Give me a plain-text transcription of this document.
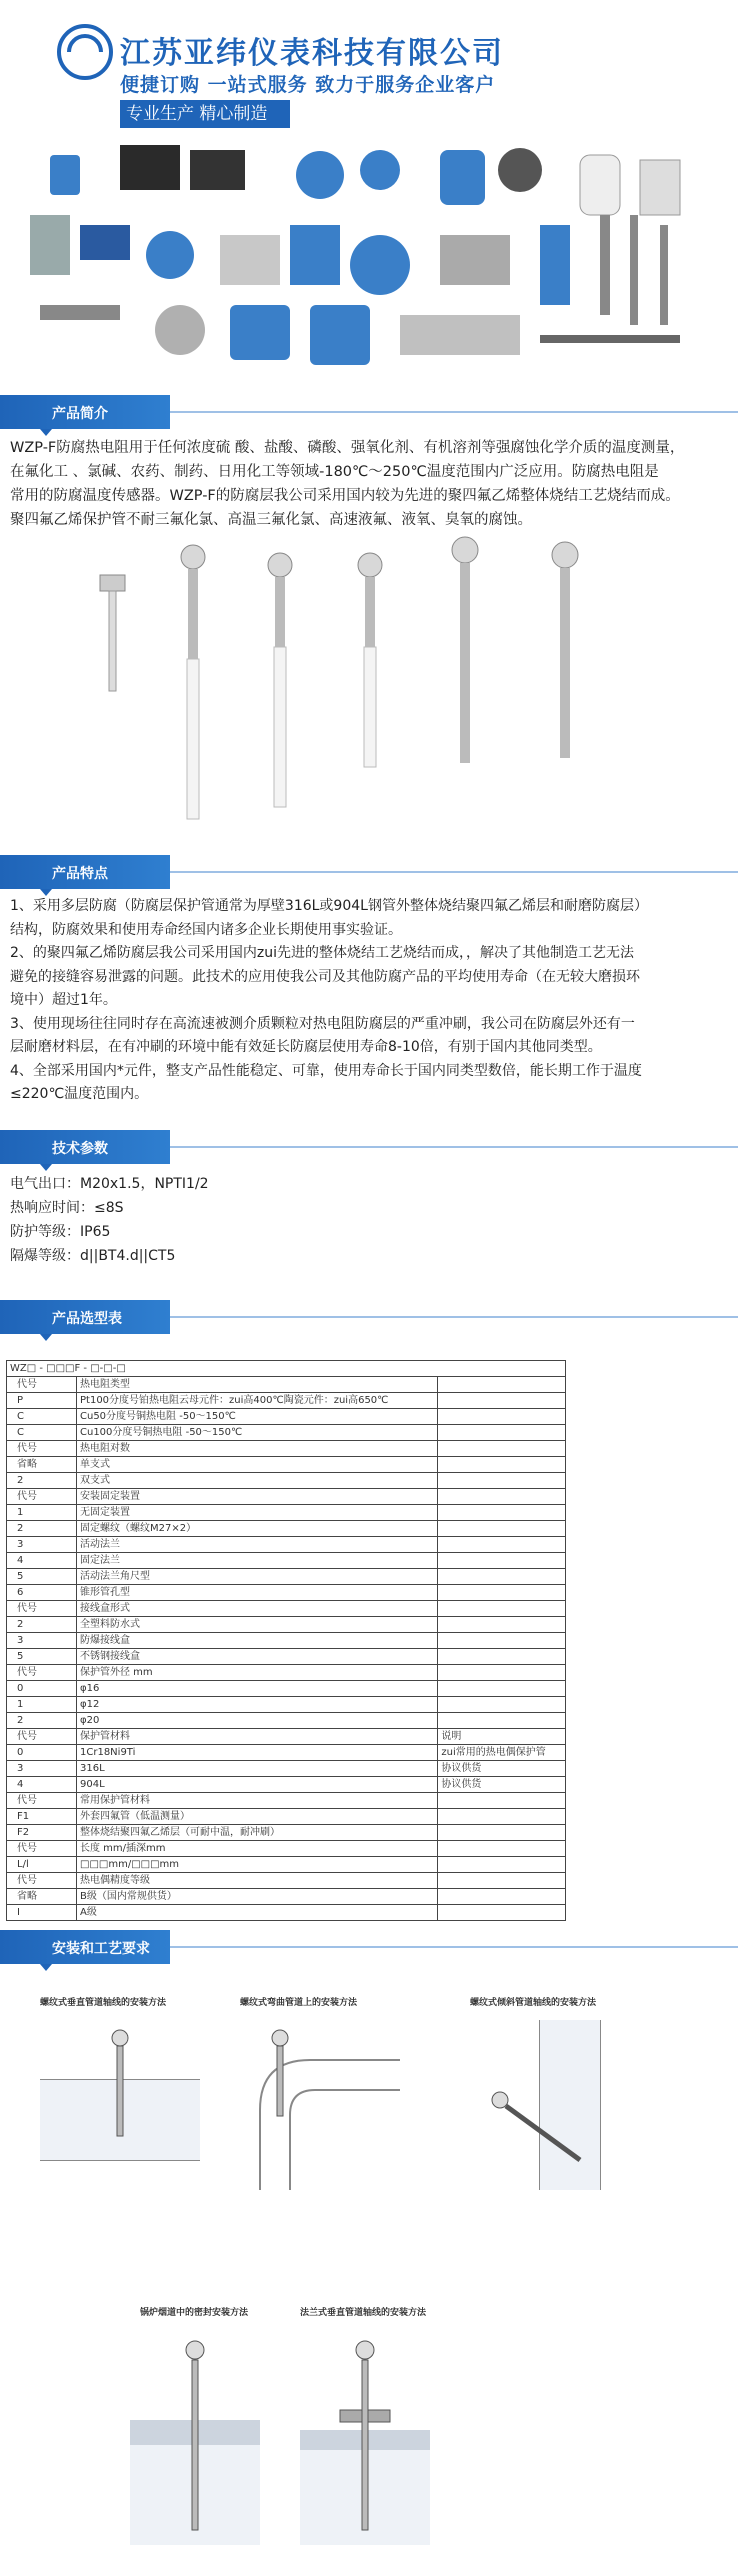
江苏亚纬仪表科技有限公司
便捷订购 一站式服务 致力于服务企业客户
专业生产 精心制造
产品简介
WZP-F防腐热电阻用于任何浓度硫 酸、盐酸、磷酸、强氧化剂、有机溶剂等强腐蚀化学介质的温度测量，
在氟化工 、氯碱、农药、制药、日用化工等领域-180℃～250℃温度范围内广泛应用。防腐热电阻是
常用的防腐温度传感器。WZP-F的防腐层我公司采用国内较为先进的聚四氟乙烯整体烧结工艺烧结而成。
聚四氟乙烯保护管不耐三氟化氯、高温三氟化氯、高速液氟、液氧、臭氧的腐蚀。
产品特点
1、采用多层防腐（防腐层保护管通常为厚壁316L或904L钢管外整体烧结聚四氟乙烯层和耐磨防腐层）
结构，防腐效果和使用寿命经国内诸多企业长期使用事实验证。
2、的聚四氟乙烯防腐层我公司采用国内zui先进的整体烧结工艺烧结而成，，解决了其他制造工艺无法
避免的接缝容易泄露的问题。此技术的应用使我公司及其他防腐产品的平均使用寿命（在无较大磨损环
境中）超过1年。
3、使用现场往往同时存在高流速被测介质颗粒对热电阻防腐层的严重冲刷，我公司在防腐层外还有一
层耐磨材料层，在有冲刷的环境中能有效延长防腐层使用寿命8-10倍，有别于国内其他同类型。
4、全部采用国内*元件，整支产品性能稳定、可靠，使用寿命长于国内同类型数倍，能长期工作于温度
≤220℃温度范围内。
技术参数
电气出口：M20x1.5，NPTI1/2
热响应时间：≤8S
防护等级：IP65
隔爆等级：d||BT4.d||CT5
产品选型表
WZ□ - □□□F - □-□-□		
代号	热电阻类型	
P	Pt100分度号铂热电阻云母元件：zui高400℃陶瓷元件：zui高650℃	
C	Cu50分度号铜热电阻 -50～150℃	
C	Cu100分度号铜热电阻 -50～150℃	
代号	热电阻对数	
省略	单支式	
2	双支式	
代号	安装固定装置	
1	无固定装置	
2	固定螺纹（螺纹M27×2）	
3	活动法兰	
4	固定法兰	
5	活动法兰角尺型	
6	锥形管孔型	
代号	接线盒形式	
2	全塑料防水式	
3	防爆接线盒	
5	不锈钢接线盒	
代号	保护管外径 mm	
0	φ16	
1	φ12	
2	φ20	
代号	保护管材料	说明
0	1Cr18Ni9Ti	zui常用的热电偶保护管
3	316L	协议供货
4	904L	协议供货
代号	常用保护管材料	
F1	外套四氟管（低温测量）	
F2	整体烧结聚四氟乙烯层（可耐中温，耐冲刷）	
代号	长度 mm/插深mm	
L/l	□□□mm/□□□mm	
代号	热电偶精度等级	
省略	B级（国内常规供货）	
I	A级	
安装和工艺要求
螺纹式垂直管道轴线的安装方法	螺纹式弯曲管道上的安装方法	螺纹式倾斜管道轴线的安装方法
锅炉烟道中的密封安装方法	法兰式垂直管道轴线的安装方法
